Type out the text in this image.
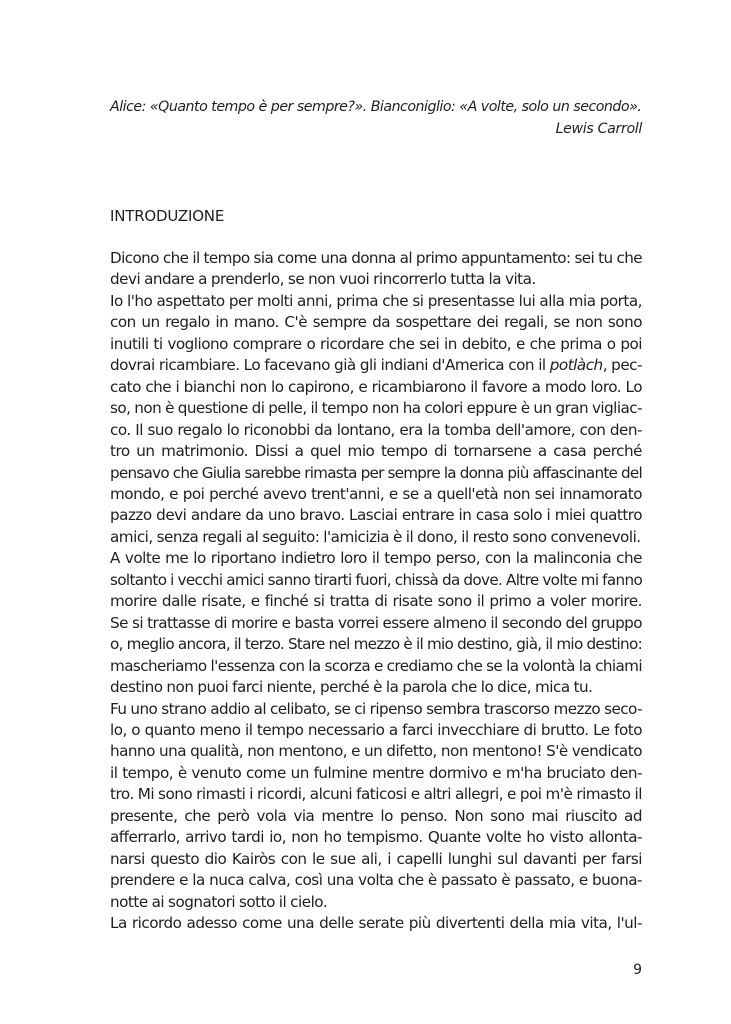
Alice: «Quanto tempo è per sempre?». Bianconiglio: «A volte, solo un secondo».
Lewis Carroll
INTRODUZIONE
Dicono che il tempo sia come una donna al primo appuntamento: sei tu che
devi andare a prenderlo, se non vuoi rincorrerlo tutta la vita.
Io l'ho aspettato per molti anni, prima che si presentasse lui alla mia porta,
con un regalo in mano. C'è sempre da sospettare dei regali, se non sono
inutili ti vogliono comprare o ricordare che sei in debito, e che prima o poi
dovrai ricambiare. Lo facevano già gli indiani d'America con il potlàch, pec-
cato che i bianchi non lo capirono, e ricambiarono il favore a modo loro. Lo
so, non è questione di pelle, il tempo non ha colori eppure è un gran vigliac-
co. Il suo regalo lo riconobbi da lontano, era la tomba dell'amore, con den-
tro un matrimonio. Dissi a quel mio tempo di tornarsene a casa perché
pensavo che Giulia sarebbe rimasta per sempre la donna più affascinante del
mondo, e poi perché avevo trent'anni, e se a quell'età non sei innamorato
pazzo devi andare da uno bravo. Lasciai entrare in casa solo i miei quattro
amici, senza regali al seguito: l'amicizia è il dono, il resto sono convenevoli.
A volte me lo riportano indietro loro il tempo perso, con la malinconia che
soltanto i vecchi amici sanno tirarti fuori, chissà da dove. Altre volte mi fanno
morire dalle risate, e finché si tratta di risate sono il primo a voler morire.
Se si trattasse di morire e basta vorrei essere almeno il secondo del gruppo
o, meglio ancora, il terzo. Stare nel mezzo è il mio destino, già, il mio destino:
mascheriamo l'essenza con la scorza e crediamo che se la volontà la chiami
destino non puoi farci niente, perché è la parola che lo dice, mica tu.
Fu uno strano addio al celibato, se ci ripenso sembra trascorso mezzo seco-
lo, o quanto meno il tempo necessario a farci invecchiare di brutto. Le foto
hanno una qualità, non mentono, e un difetto, non mentono! S'è vendicato
il tempo, è venuto come un fulmine mentre dormivo e m'ha bruciato den-
tro. Mi sono rimasti i ricordi, alcuni faticosi e altri allegri, e poi m'è rimasto il
presente, che però vola via mentre lo penso. Non sono mai riuscito ad
afferrarlo, arrivo tardi io, non ho tempismo. Quante volte ho visto allonta-
narsi questo dio Kairòs con le sue ali, i capelli lunghi sul davanti per farsi
prendere e la nuca calva, così una volta che è passato è passato, e buona-
notte ai sognatori sotto il cielo.
La ricordo adesso come una delle serate più divertenti della mia vita, l'ul-
9
